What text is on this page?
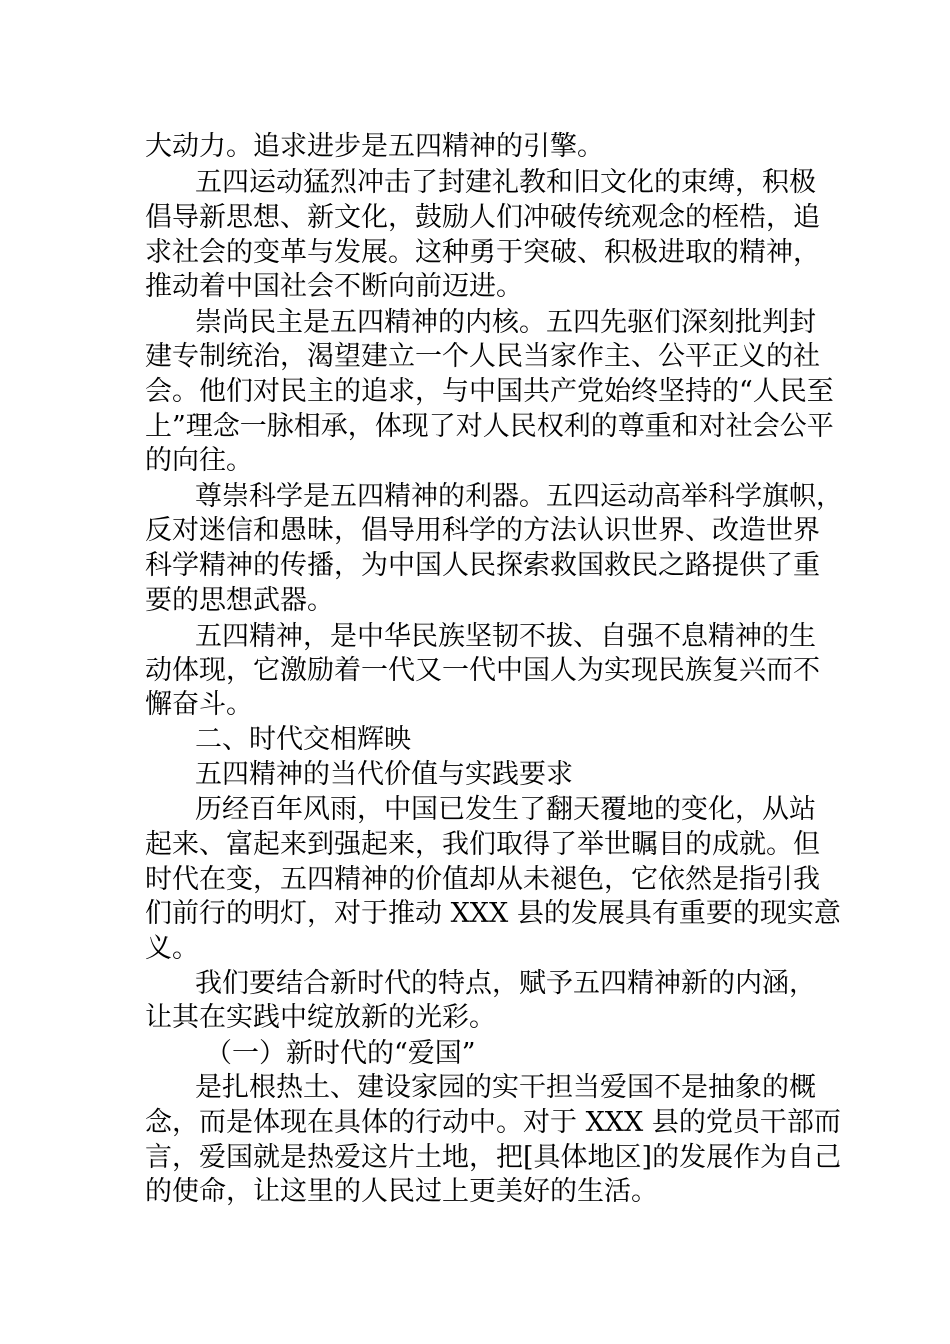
大动力。追求进步是五四精神的引擎。
五四运动猛烈冲击了封建礼教和旧文化的束缚，积极
倡导新思想、新文化，鼓励人们冲破传统观念的桎梏，追
求社会的变革与发展。这种勇于突破、积极进取的精神，
推动着中国社会不断向前迈进。
崇尚民主是五四精神的内核。五四先驱们深刻批判封
建专制统治，渴望建立一个人民当家作主、公平正义的社
会。他们对民主的追求，与中国共产党始终坚持的“人民至
上”理念一脉相承，体现了对人民权利的尊重和对社会公平
的向往。
尊崇科学是五四精神的利器。五四运动高举科学旗帜，
反对迷信和愚昧，倡导用科学的方法认识世界、改造世界
科学精神的传播，为中国人民探索救国救民之路提供了重
要的思想武器。
五四精神，是中华民族坚韧不拔、自强不息精神的生
动体现，它激励着一代又一代中国人为实现民族复兴而不
懈奋斗。
二、时代交相辉映
五四精神的当代价值与实践要求
历经百年风雨，中国已发生了翻天覆地的变化，从站
起来、富起来到强起来，我们取得了举世瞩目的成就。但
时代在变，五四精神的价值却从未褪色，它依然是指引我
们前行的明灯，对于推动 XXX 县的发展具有重要的现实意
义。
我们要结合新时代的特点，赋予五四精神新的内涵，
让其在实践中绽放新的光彩。
（一）新时代的“爱国”
是扎根热土、建设家园的实干担当爱国不是抽象的概
念，而是体现在具体的行动中。对于 XXX 县的党员干部而
言，爱国就是热爱这片土地，把[具体地区]的发展作为自己
的使命，让这里的人民过上更美好的生活。
